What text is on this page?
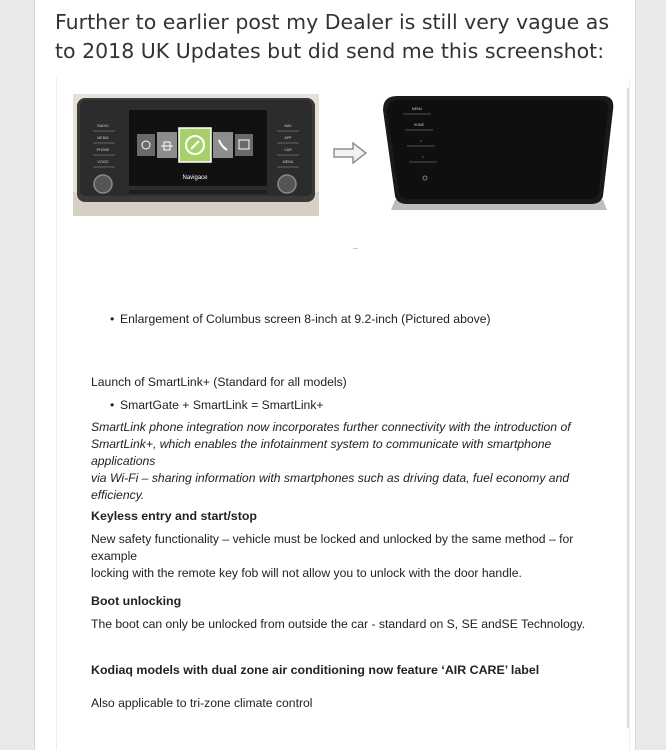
Further to earlier post my Dealer is still very vague as to 2018 UK Updates but did send me this screenshot:

Navigace
RADIO
MEDIA
PHONE
VOICE
NAV
APP
CAR
MENU
MENU
HOME
•
•
• Enlargement of Columbus screen 8-inch at 9.2-inch (Pictured above)
Launch of SmartLink+ (Standard for all models)
• SmartGate + SmartLink = SmartLink+
SmartLink phone integration now incorporates further connectivity with the introduction of
SmartLink+, which enables the infotainment system to communicate with smartphone applications
via Wi-Fi – sharing information with smartphones such as driving data, fuel economy and efficiency.
Keyless entry and start/stop
New safety functionality – vehicle must be locked and unlocked by the same method – for example
locking with the remote key fob will not allow you to unlock with the door handle.
Boot unlocking
The boot can only be unlocked from outside the car - standard on S, SE andSE Technology.
Kodiaq models with dual zone air conditioning now feature ‘AIR CARE’ label
Also applicable to tri-zone climate control
